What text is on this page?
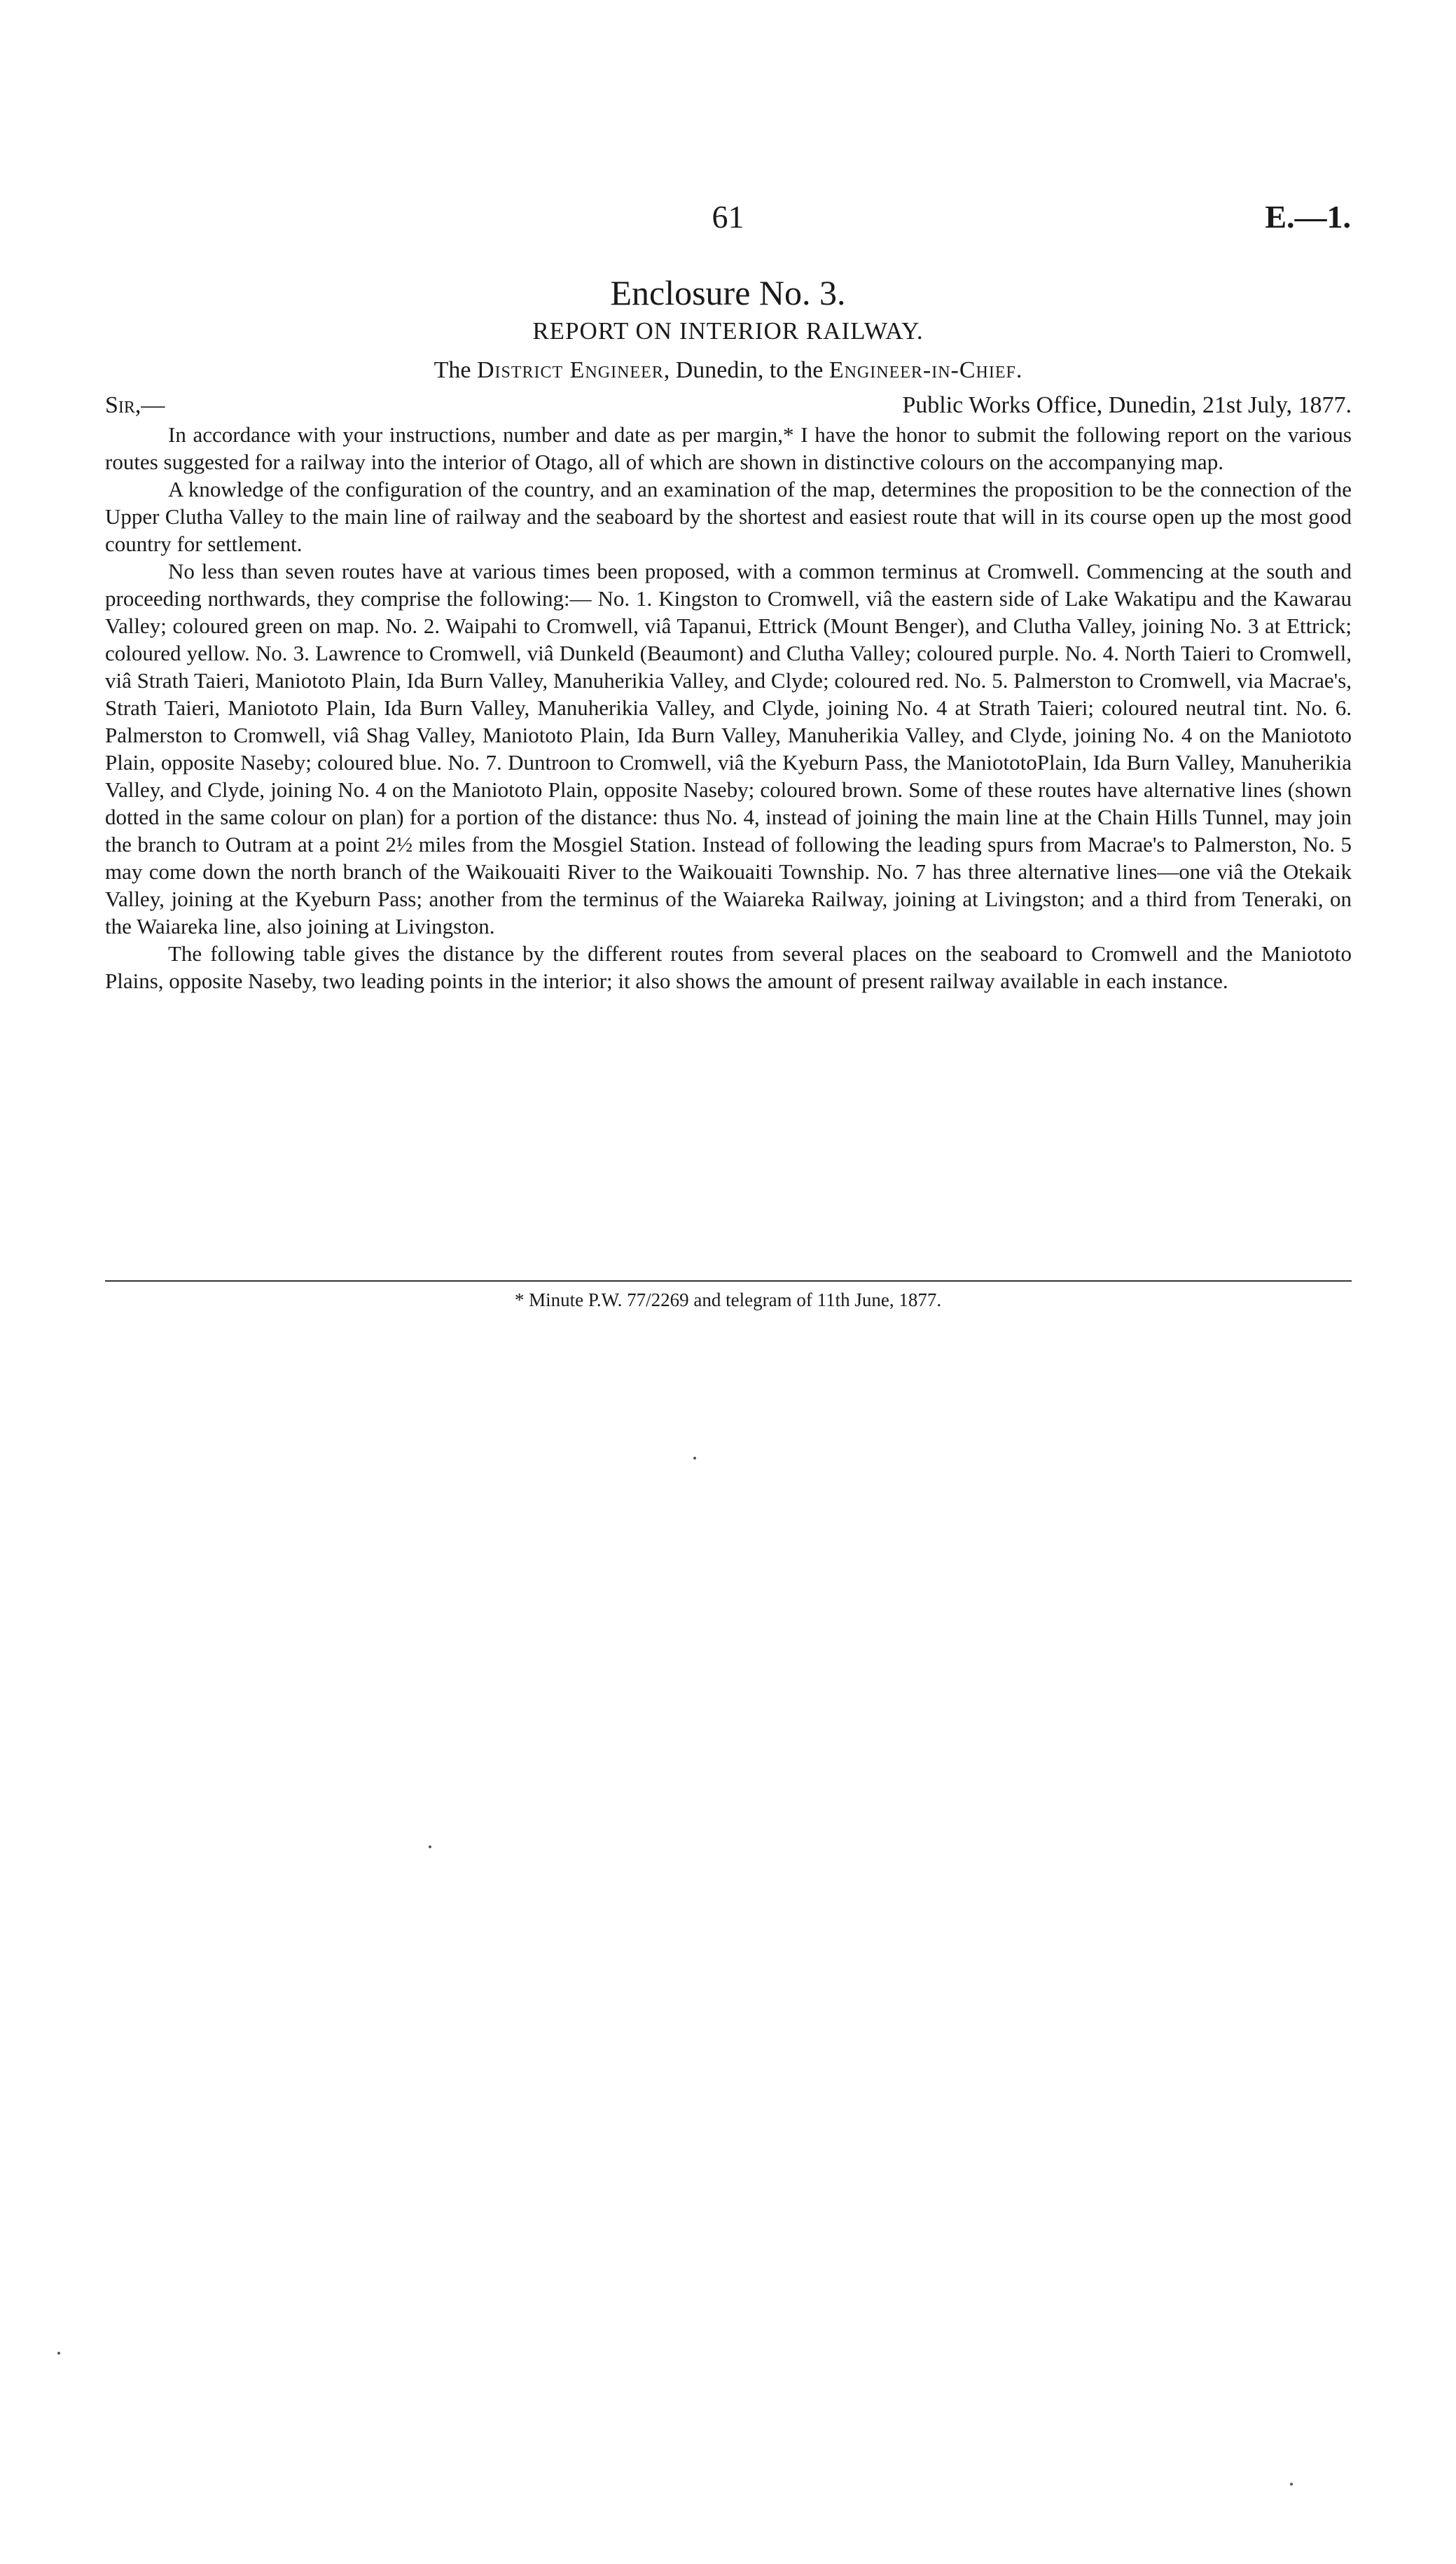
61	E.—1.
Enclosure No. 3.
REPORT ON INTERIOR RAILWAY.
The District Engineer, Dunedin, to the Engineer-in-Chief.
Sir,—	Public Works Office, Dunedin, 21st July, 1877.

In accordance with your instructions, number and date as per margin,* I have the honor to submit the following report on the various routes suggested for a railway into the interior of Otago, all of which are shown in distinctive colours on the accompanying map.

A knowledge of the configuration of the country, and an examination of the map, determines the proposition to be the connection of the Upper Clutha Valley to the main line of railway and the seaboard by the shortest and easiest route that will in its course open up the most good country for settlement.

No less than seven routes have at various times been proposed, with a common terminus at Cromwell. Commencing at the south and proceeding northwards, they comprise the following:— No. 1. Kingston to Cromwell, viâ the eastern side of Lake Wakatipu and the Kawarau Valley; coloured green on map. No. 2. Waipahi to Cromwell, viâ Tapanui, Ettrick (Mount Benger), and Clutha Valley, joining No. 3 at Ettrick; coloured yellow. No. 3. Lawrence to Cromwell, viâ Dunkeld (Beaumont) and Clutha Valley; coloured purple. No. 4. North Taieri to Cromwell, viâ Strath Taieri, Maniototo Plain, Ida Burn Valley, Manuherikia Valley, and Clyde; coloured red. No. 5. Palmerston to Cromwell, via Macrae's, Strath Taieri, Maniototo Plain, Ida Burn Valley, Manuherikia Valley, and Clyde, joining No. 4 at Strath Taieri; coloured neutral tint. No. 6. Palmerston to Cromwell, viâ Shag Valley, Maniototo Plain, Ida Burn Valley, Manuherikia Valley, and Clyde, joining No. 4 on the Maniototo Plain, opposite Naseby; coloured blue. No. 7. Duntroon to Cromwell, viâ the Kyeburn Pass, the ManiototoPlain, Ida Burn Valley, Manuherikia Valley, and Clyde, joining No. 4 on the Maniototo Plain, opposite Naseby; coloured brown. Some of these routes have alternative lines (shown dotted in the same colour on plan) for a portion of the distance: thus No. 4, instead of joining the main line at the Chain Hills Tunnel, may join the branch to Outram at a point 2½ miles from the Mosgiel Station. Instead of following the leading spurs from Macrae's to Palmerston, No. 5 may come down the north branch of the Waikouaiti River to the Waikouaiti Township. No. 7 has three alternative lines—one viâ the Otekaik Valley, joining at the Kyeburn Pass; another from the terminus of the Waiareka Railway, joining at Livingston; and a third from Teneraki, on the Waiareka line, also joining at Livingston.

The following table gives the distance by the different routes from several places on the seaboard to Cromwell and the Maniototo Plains, opposite Naseby, two leading points in the interior; it also shows the amount of present railway available in each instance.

* Minute P.W. 77/2269 and telegram of 11th June, 1877.
